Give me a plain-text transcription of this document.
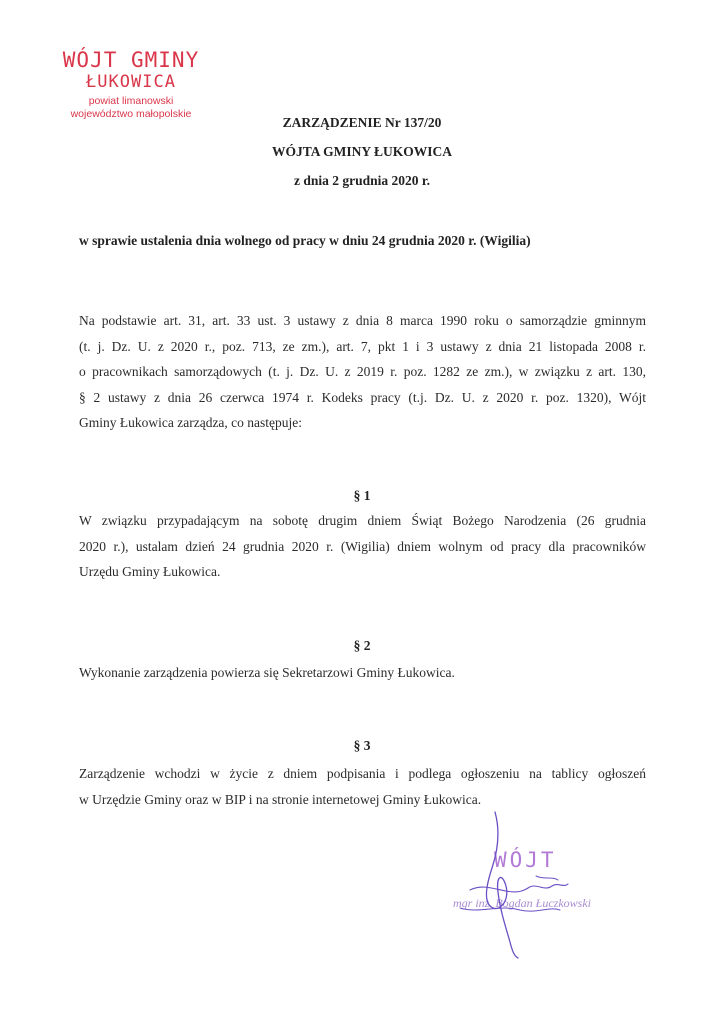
WÓJT GMINY
ŁUKOWICA
powiat limanowski
województwo małopolskie
ZARZĄDZENIE Nr 137/20
WÓJTA GMINY ŁUKOWICA
z dnia 2 grudnia 2020 r.
w sprawie ustalenia dnia wolnego od pracy w dniu 24 grudnia 2020 r. (Wigilia)
Na podstawie art. 31, art. 33 ust. 3 ustawy z dnia 8 marca 1990 roku o samorządzie gminnym
(t. j. Dz. U. z 2020 r., poz. 713, ze zm.), art. 7, pkt 1 i 3 ustawy z dnia 21 listopada 2008 r.
o pracownikach samorządowych (t. j. Dz. U. z 2019 r. poz. 1282 ze zm.), w związku z art. 130,
§ 2 ustawy z dnia 26 czerwca 1974 r. Kodeks pracy (t.j. Dz. U. z 2020 r. poz. 1320), Wójt
Gminy Łukowica zarządza, co następuje:
§ 1
W związku przypadającym na sobotę drugim dniem Świąt Bożego Narodzenia (26 grudnia
2020 r.), ustalam dzień 24 grudnia 2020 r. (Wigilia) dniem wolnym od pracy dla pracowników
Urzędu Gminy Łukowica.
§ 2
Wykonanie zarządzenia powierza się Sekretarzowi Gminy Łukowica.
§ 3
Zarządzenie wchodzi w życie z dniem podpisania i podlega ogłoszeniu na tablicy ogłoszeń
w Urzędzie Gminy oraz w BIP i na stronie internetowej Gminy Łukowica.
WÓJT
mgr inż. Bogdan Łuczkowski
